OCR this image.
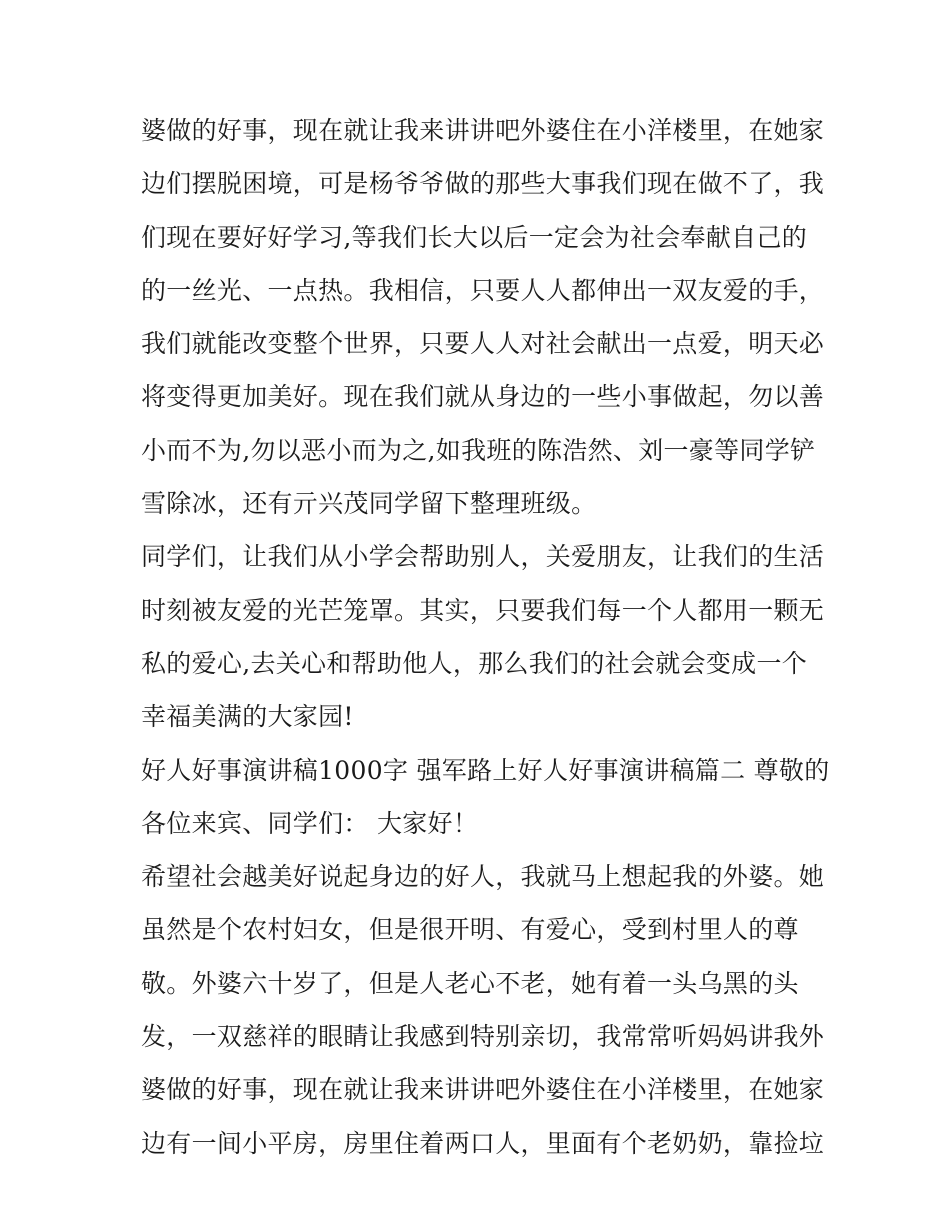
婆做的好事，现在就让我来讲讲吧外婆住在小洋楼里，在她家
边们摆脱困境，可是杨爷爷做的那些大事我们现在做不了，我
们现在要好好学习,等我们长大以后一定会为社会奉献自己的
的一丝光、一点热。我相信，只要人人都伸出一双友爱的手，
我们就能改变整个世界，只要人人对社会献出一点爱，明天必
将变得更加美好。现在我们就从身边的一些小事做起，勿以善
小而不为,勿以恶小而为之,如我班的陈浩然、刘一豪等同学铲
雪除冰，还有亓兴茂同学留下整理班级。
同学们，让我们从小学会帮助别人，关爱朋友，让我们的生活
时刻被友爱的光芒笼罩。其实，只要我们每一个人都用一颗无
私的爱心,去关心和帮助他人，那么我们的社会就会变成一个
幸福美满的大家园!
好人好事演讲稿1000字 强军路上好人好事演讲稿篇二 尊敬的
各位来宾、同学们： 大家好！
希望社会越美好说起身边的好人，我就马上想起我的外婆。她
虽然是个农村妇女，但是很开明、有爱心，受到村里人的尊
敬。外婆六十岁了，但是人老心不老，她有着一头乌黑的头
发，一双慈祥的眼睛让我感到特别亲切，我常常听妈妈讲我外
婆做的好事，现在就让我来讲讲吧外婆住在小洋楼里，在她家
边有一间小平房，房里住着两口人，里面有个老奶奶，靠捡垃
